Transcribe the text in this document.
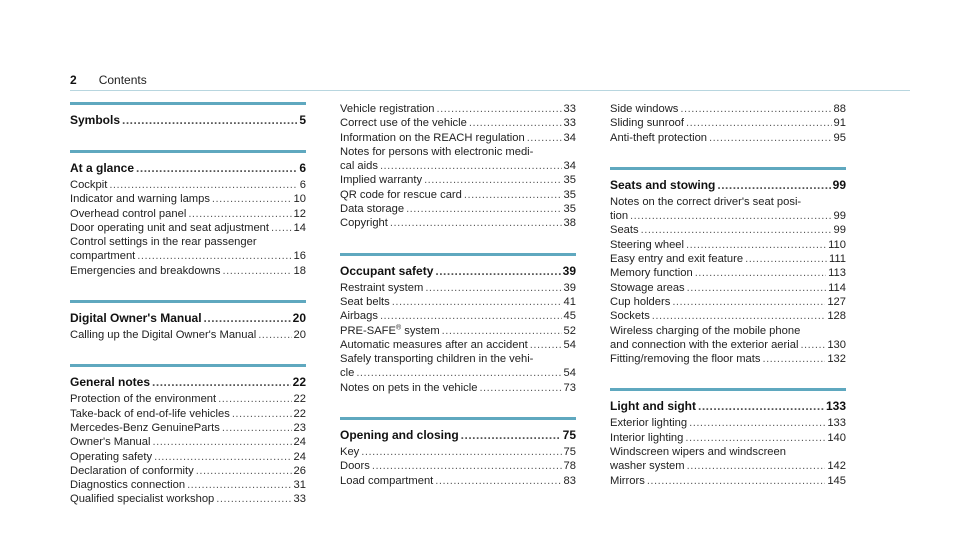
2 Contents
Symbols .....	5
At a glance .....	6
Cockpit .....	6
Indicator and warning lamps .....	10
Overhead control panel .....	12
Door operating unit and seat adjustment ..... 14
Control settings in the rear passenger
compartment .....	16
Emergencies and breakdowns .....	18
Digital Owner's Manual .....	20
Calling up the Digital Owner's Manual .....	20
General notes .....	22
Protection of the environment .....	22
Take-back of end-of-life vehicles .....	22
Mercedes-Benz GenuineParts .....	23
Owner's Manual .....	24
Operating safety .....	24
Declaration of conformity .....	26
Diagnostics connection .....	31
Qualified specialist workshop .....	33
Vehicle registration .....	33
Correct use of the vehicle .....	33
Information on the REACH regulation .....	34
Notes for persons with electronic medi-
cal aids .....	34
Implied warranty .....	35
QR code for rescue card .....	35
Data storage .....	35
Copyright .....	38
Occupant safety .....	39
Restraint system .....	39
Seat belts .....	41
Airbags .....	45
PRE-SAFE® system .....	52
Automatic measures after an accident .....	54
Safely transporting children in the vehi-
cle .....	54
Notes on pets in the vehicle .....	73
Opening and closing .....	75
Key .....	75
Doors .....	78
Load compartment .....	83
Side windows .....	88
Sliding sunroof .....	91
Anti-theft protection .....	95
Seats and stowing .....	99
Notes on the correct driver's seat posi-
tion .....	99
Seats .....	99
Steering wheel .....	110
Easy entry and exit feature .....	111
Memory function .....	113
Stowage areas .....	114
Cup holders .....	127
Sockets .....	128
Wireless charging of the mobile phone
and connection with the exterior aerial .....	130
Fitting/removing the floor mats .....	132
Light and sight .....	133
Exterior lighting .....	133
Interior lighting .....	140
Windscreen wipers and windscreen
washer system .....	142
Mirrors .....	145
